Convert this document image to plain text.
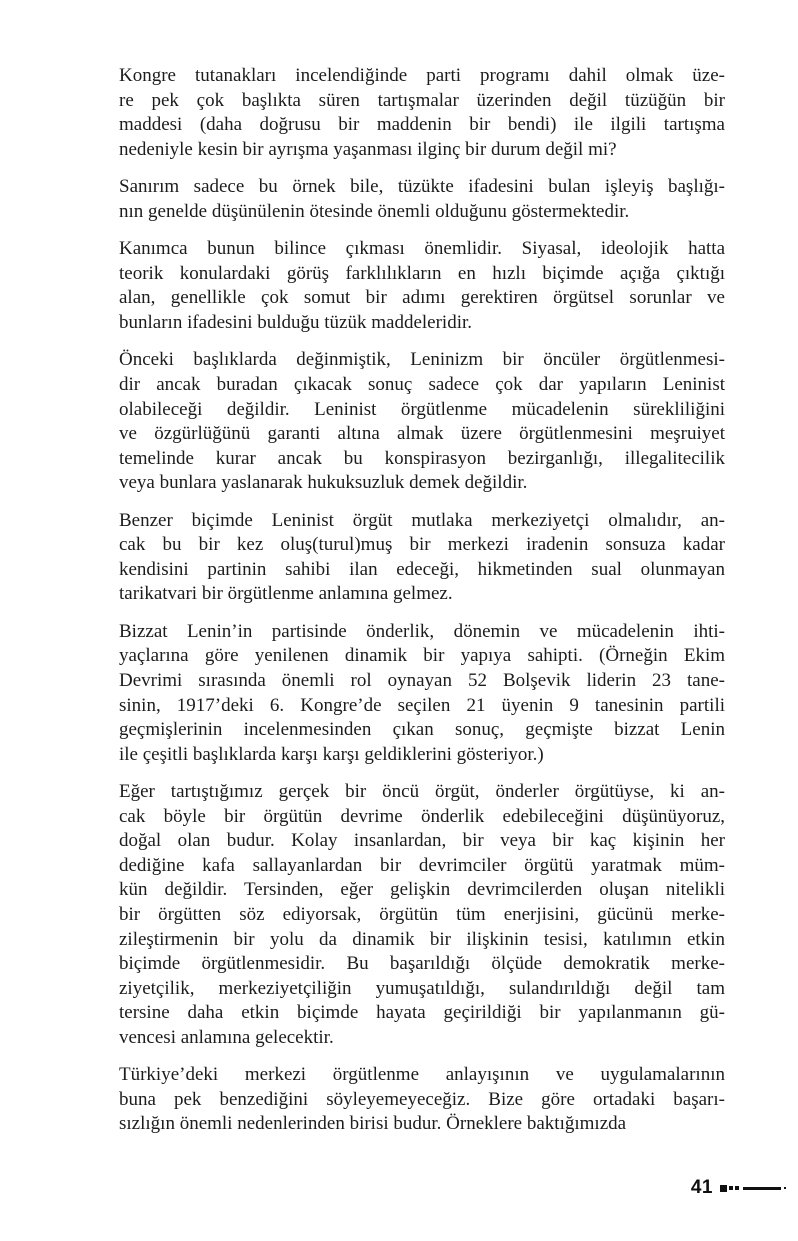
Kongre tutanakları incelendiğinde parti programı dahil olmak üze-
re pek çok başlıkta süren tartışmalar üzerinden değil tüzüğün bir
maddesi (daha doğrusu bir maddenin bir bendi) ile ilgili tartışma
nedeniyle kesin bir ayrışma yaşanması ilginç bir durum değil mi?
Sanırım sadece bu örnek bile, tüzükte ifadesini bulan işleyiş başlığı-
nın genelde düşünülenin ötesinde önemli olduğunu göstermektedir.
Kanımca bunun bilince çıkması önemlidir. Siyasal, ideolojik hatta
teorik konulardaki görüş farklılıkların en hızlı biçimde açığa çıktığı
alan, genellikle çok somut bir adımı gerektiren örgütsel sorunlar ve
bunların ifadesini bulduğu tüzük maddeleridir.
Önceki başlıklarda değinmiştik, Leninizm bir öncüler örgütlenmesi-
dir ancak buradan çıkacak sonuç sadece çok dar yapıların Leninist
olabileceği değildir. Leninist örgütlenme mücadelenin sürekliliğini
ve özgürlüğünü garanti altına almak üzere örgütlenmesini meşruiyet
temelinde kurar ancak bu konspirasyon bezirganlığı, illegalitecilik
veya bunlara yaslanarak hukuksuzluk demek değildir.
Benzer biçimde Leninist örgüt mutlaka merkeziyetçi olmalıdır, an-
cak bu bir kez oluş(turul)muş bir merkezi iradenin sonsuza kadar
kendisini partinin sahibi ilan edeceği, hikmetinden sual olunmayan
tarikatvari bir örgütlenme anlamına gelmez.
Bizzat Lenin’in partisinde önderlik, dönemin ve mücadelenin ihti-
yaçlarına göre yenilenen dinamik bir yapıya sahipti. (Örneğin Ekim
Devrimi sırasında önemli rol oynayan 52 Bolşevik liderin 23 tane-
sinin, 1917’deki 6. Kongre’de seçilen 21 üyenin 9 tanesinin partili
geçmişlerinin incelenmesinden çıkan sonuç, geçmişte bizzat Lenin
ile çeşitli başlıklarda karşı karşı geldiklerini gösteriyor.)
Eğer tartıştığımız gerçek bir öncü örgüt, önderler örgütüyse, ki an-
cak böyle bir örgütün devrime önderlik edebileceğini düşünüyoruz,
doğal olan budur. Kolay insanlardan, bir veya bir kaç kişinin her
dediğine kafa sallayanlardan bir devrimciler örgütü yaratmak müm-
kün değildir. Tersinden, eğer gelişkin devrimcilerden oluşan nitelikli
bir örgütten söz ediyorsak, örgütün tüm enerjisini, gücünü merke-
zileştirmenin bir yolu da dinamik bir ilişkinin tesisi, katılımın etkin
biçimde örgütlenmesidir. Bu başarıldığı ölçüde demokratik merke-
ziyetçilik, merkeziyetçiliğin yumuşatıldığı, sulandırıldığı değil tam
tersine daha etkin biçimde hayata geçirildiği bir yapılanmanın gü-
vencesi anlamına gelecektir.
Türkiye’deki merkezi örgütlenme anlayışının ve uygulamalarının
buna pek benzediğini söyleyemeyeceğiz. Bize göre ortadaki başarı-
sızlığın önemli nedenlerinden birisi budur. Örneklere baktığımızda
41
